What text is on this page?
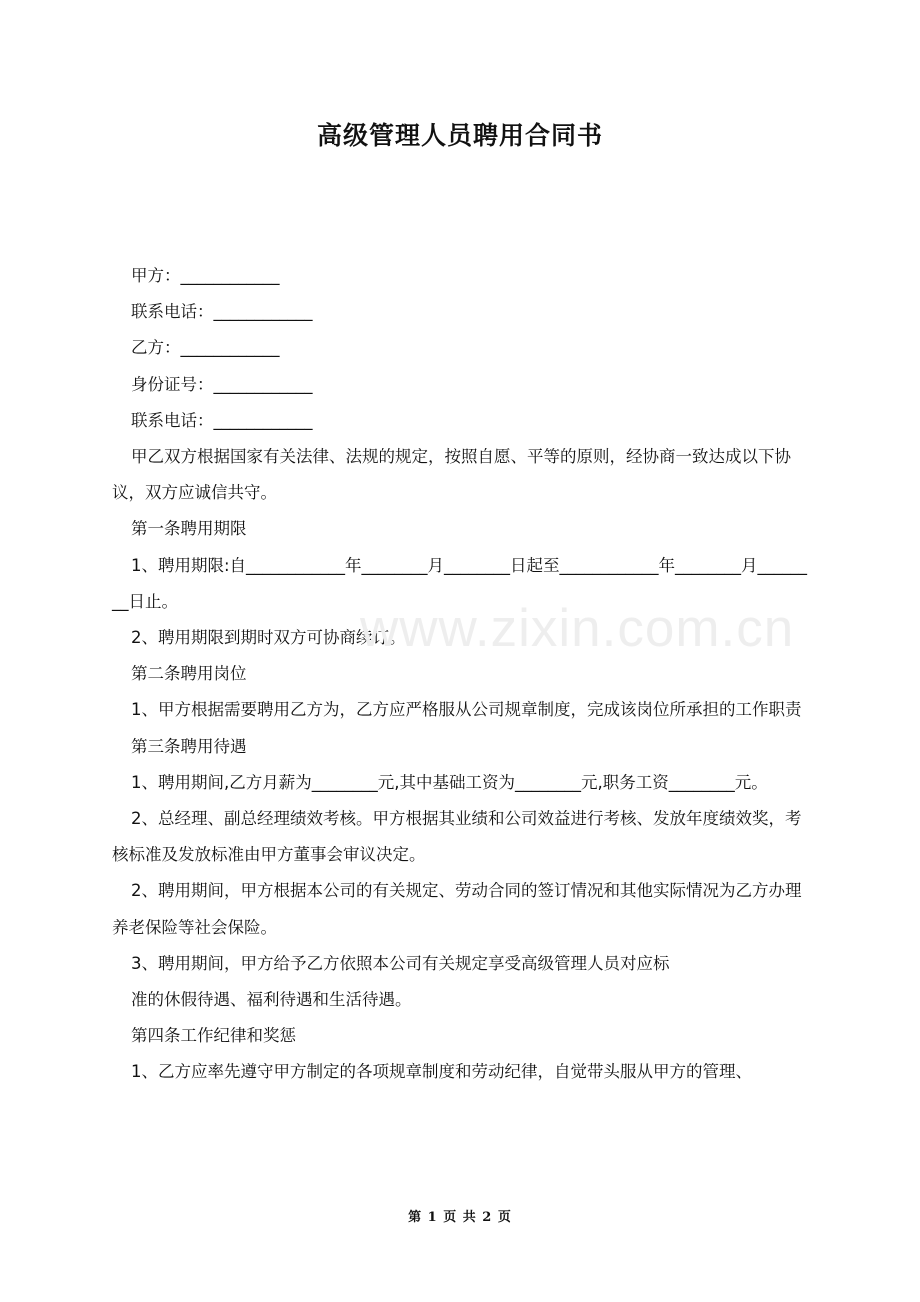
高级管理人员聘用合同书

甲方：____________

联系电话：____________

乙方：____________

身份证号：____________

联系电话：____________

甲乙双方根据国家有关法律、法规的规定，按照自愿、平等的原则，经协商一致达成以下协议，双方应诚信共守。

第一条聘用期限

1、聘用期限:自____________年________月________日起至____________年________月________日止。

2、聘用期限到期时双方可协商续订。

第二条聘用岗位

1、甲方根据需要聘用乙方为，乙方应严格服从公司规章制度，完成该岗位所承担的工作职责

第三条聘用待遇

1、聘用期间,乙方月薪为________元,其中基础工资为________元,职务工资________元。

2、总经理、副总经理绩效考核。甲方根据其业绩和公司效益进行考核、发放年度绩效奖，考核标准及发放标准由甲方董事会审议决定。

2、聘用期间，甲方根据本公司的有关规定、劳动合同的签订情况和其他实际情况为乙方办理养老保险等社会保险。

3、聘用期间，甲方给予乙方依照本公司有关规定享受高级管理人员对应标

准的休假待遇、福利待遇和生活待遇。

第四条工作纪律和奖惩

1、乙方应率先遵守甲方制定的各项规章制度和劳动纪律，自觉带头服从甲方的管理、

www.zixin.com.cn
第 1 页 共 2 页
